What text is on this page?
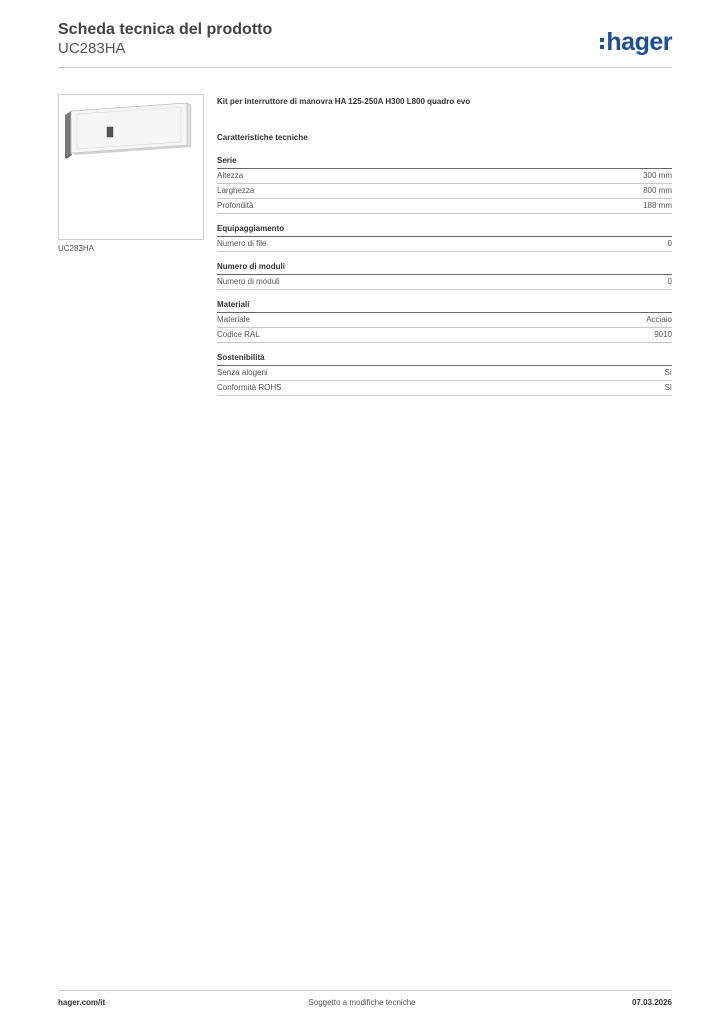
Scheda tecnica del prodotto
UC283HA	hager
UC283HA
Kit per interruttore di manovra HA 125-250A H300 L800 quadro evo
Caratteristiche tecniche
Serie
Altezza	300 mm
Larghezza	800 mm
Profondità	188 mm
Equipaggiamento
Numero di file	0
Numero di moduli
Numero di moduli	0
Materiali
Materiale	Acciaio
Codice RAL	9010
Sostenibilità
Senza alogeni	Sì
Conformità ROHS	Sì
hager.com/it	Soggetto a modifiche tecniche	07.03.2026
